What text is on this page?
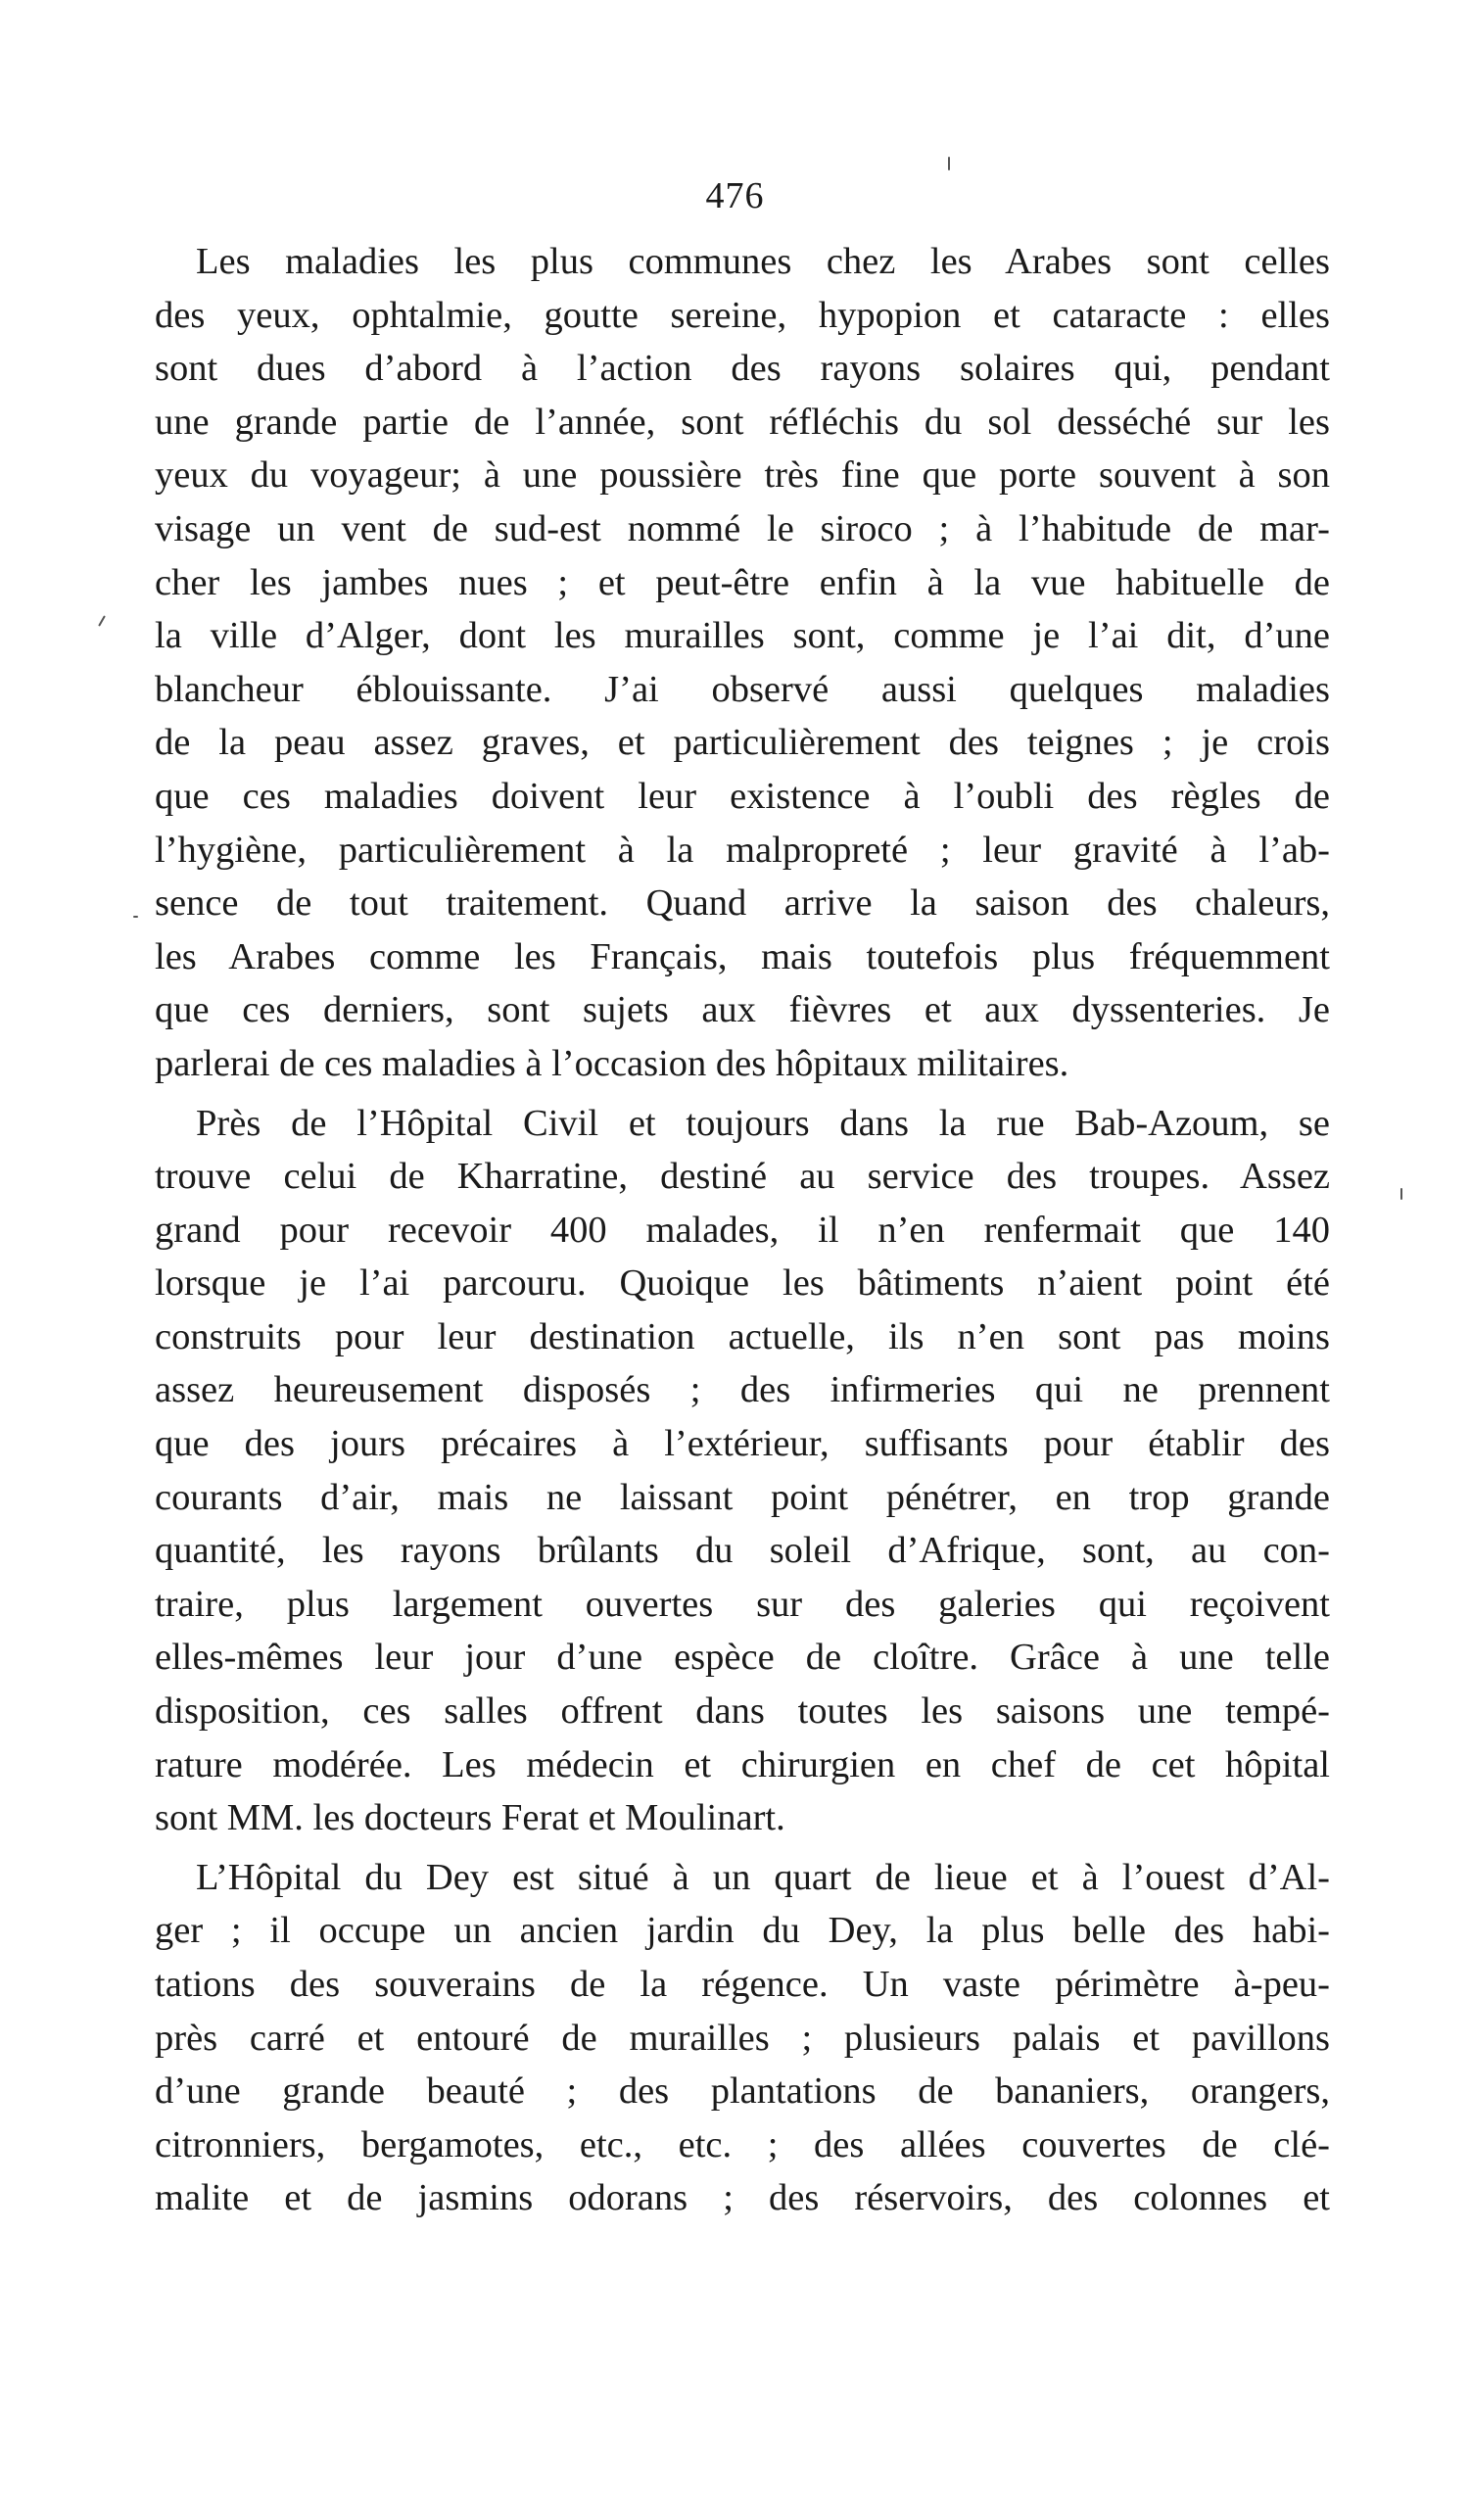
476
Les maladies les plus communes chez les Arabes sont celles
des yeux, ophtalmie, goutte sereine, hypopion et cataracte : elles
sont dues d’abord à l’action des rayons solaires qui, pendant
une grande partie de l’année, sont réfléchis du sol desséché sur les
yeux du voyageur; à une poussière très fine que porte souvent à son
visage un vent de sud-est nommé le siroco ; à l’habitude de mar-
cher les jambes nues ; et peut-être enfin à la vue habituelle de
la ville d’Alger, dont les murailles sont, comme je l’ai dit, d’une
blancheur éblouissante. J’ai observé aussi quelques maladies
de la peau assez graves, et particulièrement des teignes ; je crois
que ces maladies doivent leur existence à l’oubli des règles de
l’hygiène, particulièrement à la malpropreté ; leur gravité à l’ab-
sence de tout traitement. Quand arrive la saison des chaleurs,
les Arabes comme les Français, mais toutefois plus fréquemment
que ces derniers, sont sujets aux fièvres et aux dyssenteries. Je
parlerai de ces maladies à l’occasion des hôpitaux militaires.
Près de l’Hôpital Civil et toujours dans la rue Bab-Azoum, se
trouve celui de Kharratine, destiné au service des troupes. Assez
grand pour recevoir 400 malades, il n’en renfermait que 140
lorsque je l’ai parcouru. Quoique les bâtiments n’aient point été
construits pour leur destination actuelle, ils n’en sont pas moins
assez heureusement disposés ; des infirmeries qui ne prennent
que des jours précaires à l’extérieur, suffisants pour établir des
courants d’air, mais ne laissant point pénétrer, en trop grande
quantité, les rayons brûlants du soleil d’Afrique, sont, au con-
traire, plus largement ouvertes sur des galeries qui reçoivent
elles-mêmes leur jour d’une espèce de cloître. Grâce à une telle
disposition, ces salles offrent dans toutes les saisons une tempé-
rature modérée. Les médecin et chirurgien en chef de cet hôpital
sont MM. les docteurs Ferat et Moulinart.
L’Hôpital du Dey est situé à un quart de lieue et à l’ouest d’Al-
ger ; il occupe un ancien jardin du Dey, la plus belle des habi-
tations des souverains de la régence. Un vaste périmètre à-peu-
près carré et entouré de murailles ; plusieurs palais et pavillons
d’une grande beauté ; des plantations de bananiers, orangers,
citronniers, bergamotes, etc., etc. ; des allées couvertes de clé-
malite et de jasmins odorans ; des réservoirs, des colonnes et
